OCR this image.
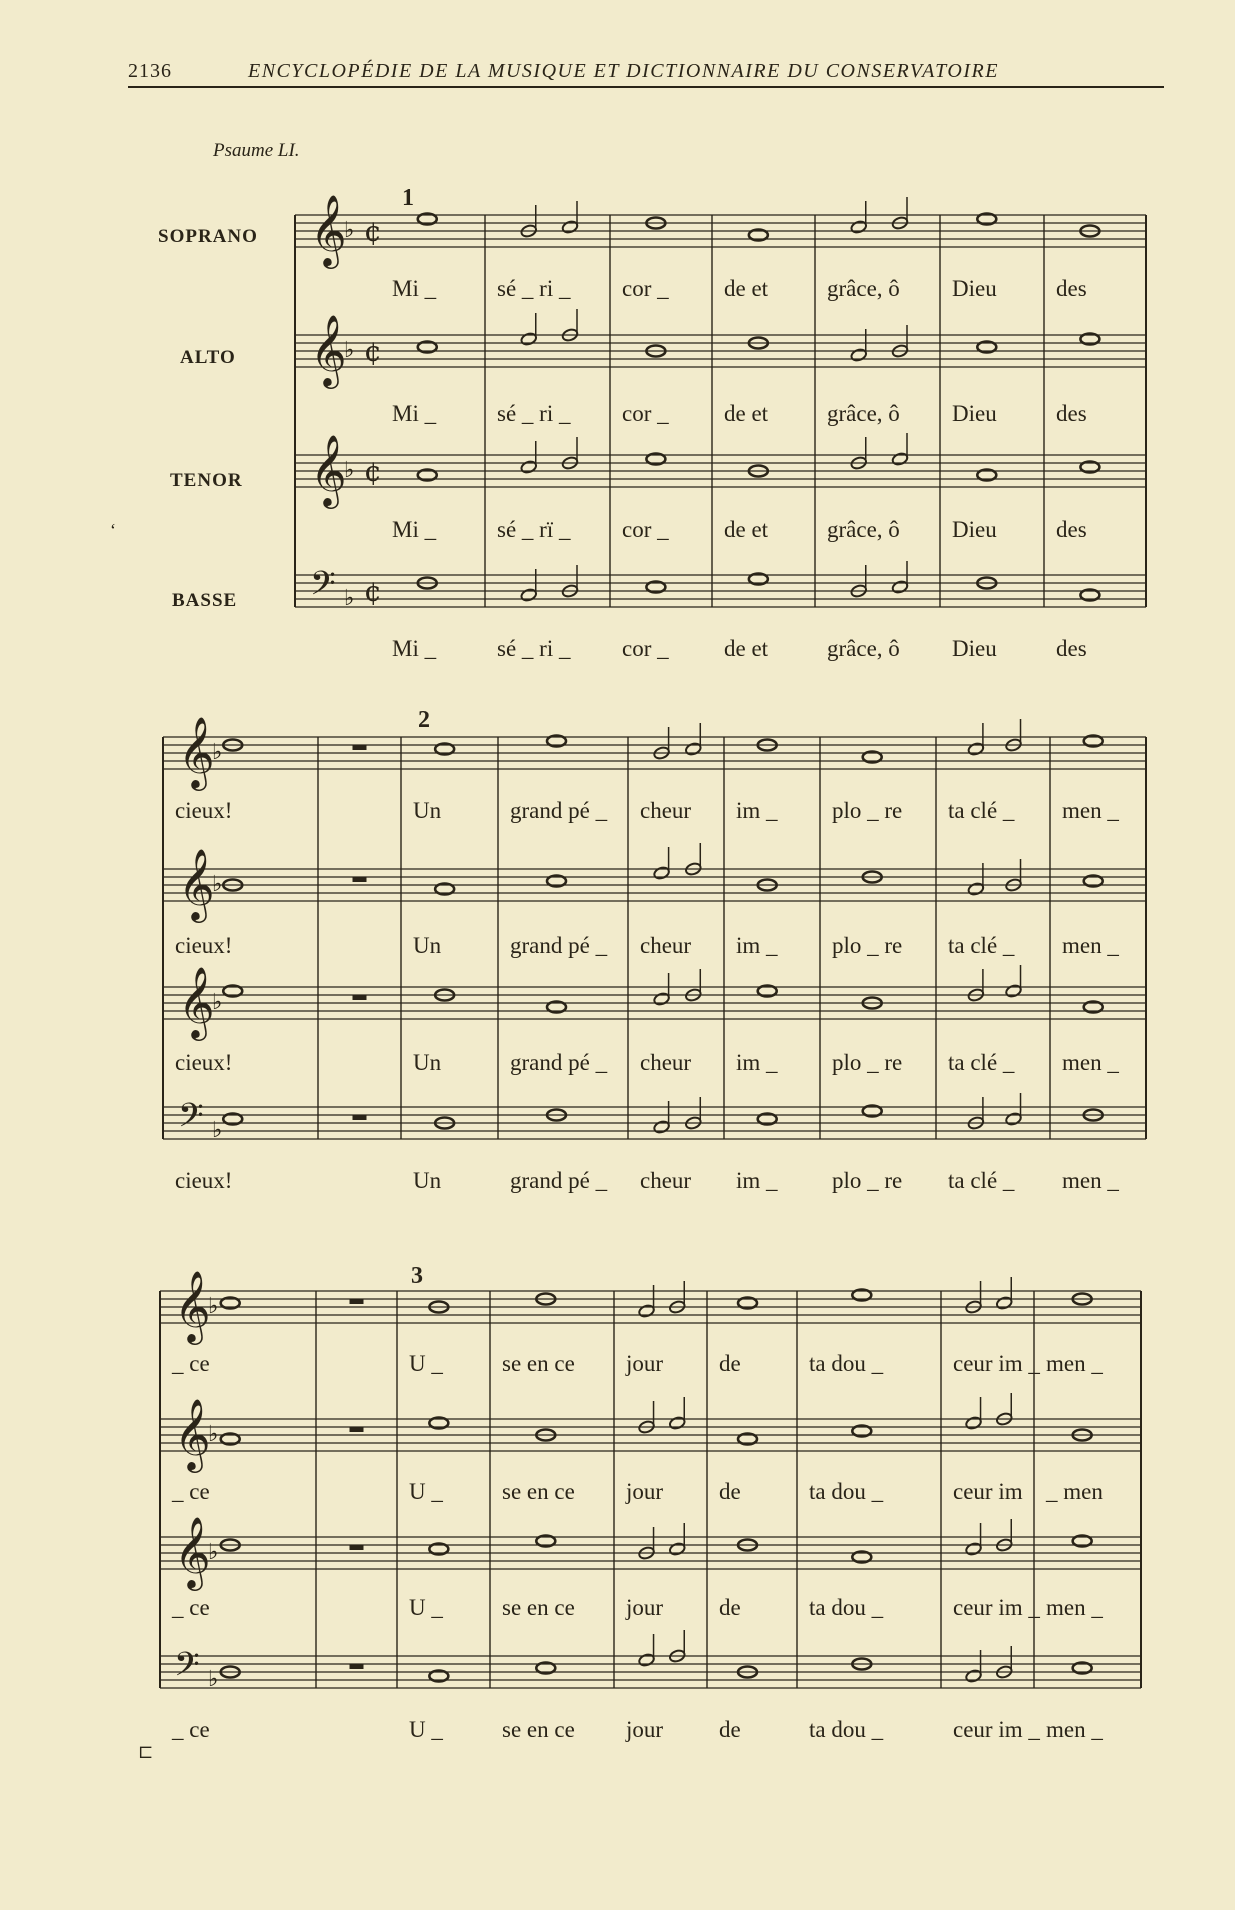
2136	ENCYCLOPÉDIE DE LA MUSIQUE ET DICTIONNAIRE DU CONSERVATOIRE
Psaume LI.
SOPRANO
ALTO
TENOR
BASSE
‘
⊏
1
𝄞
♭ ¢
Mi _	sé _ ri _ cor _ de et	grâce, ô Dieu	des
𝄞
♭ ¢
Mi _	sé _ ri _ cor _ de et	grâce, ô Dieu	des
𝄞
♭ ¢
Mi _	sé _ rï _ cor _ de et	grâce, ô Dieu	des
𝄢 ♭ ¢
Mi _	sé _ ri _ cor _ de et	grâce, ô Dieu	des
2
𝄞
♭
cieux!	Un	grand pé _ cheur im _ plo _ re ta clé _ men _
𝄞
♭
cieux!	Un	grand pé _ cheur im _ plo _ re ta clé _ men _
𝄞
♭
cieux!	Un	grand pé _ cheur im _ plo _ re ta clé _ men _
𝄢 ♭
cieux!	Un	grand pé _ cheur im _ plo _ re ta clé _ men _
3
𝄞
♭
_ ce	U _	se en ce jour de	ta dou _	ceur im _ men _
𝄞
♭
_ ce	U _	se en ce jour de	ta dou _	ceur im _ men
𝄞
♭
_ ce	U _	se en ce jour de	ta dou _	ceur im _ men _
𝄢 ♭
_ ce	U _	se en ce jour de	ta dou _	ceur im _ men _
